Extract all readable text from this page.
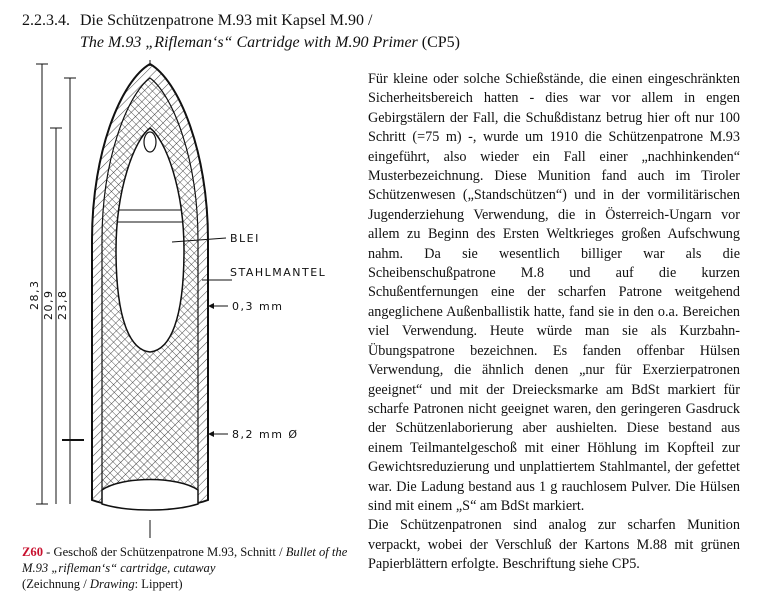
2.2.3.4. Die Schützenpatrone M.93 mit Kapsel M.90 /
The M.93 „Rifleman‘s“ Cartridge with M.90 Primer (CP5)
28,3 20,9 23,8
BLEI
STAHLMANTEL
0,3 mm
8,2 mm Ø

Für kleine oder solche Schießstände, die einen eingeschränkten Sicherheitsbereich hatten - dies war vor allem in engen Gebirgstälern der Fall, die Schußdistanz betrug hier oft nur 100 Schritt (=75 m) -, wurde um 1910 die Schützenpatrone M.93 eingeführt, also wieder ein Fall einer „nachhinkenden“ Musterbezeichnung. Diese Munition fand auch im Tiroler Schützenwesen („Standschützen“) und in der vormilitärischen Jugenderziehung Verwendung, die in Österreich-Ungarn vor allem zu Beginn des Ersten Weltkrieges großen Aufschwung nahm. Da sie wesentlich billiger war als die Scheibenschußpatrone M.8 und auf die kurzen Schußentfernungen eine der scharfen Patrone weitgehend angeglichene Außenballistik hatte, fand sie in den o.a. Bereichen viel Verwendung. Heute würde man sie als Kurzbahn-Übungspatrone bezeichnen. Es fanden offenbar Hülsen Verwendung, die ähnlich denen „nur für Exerzierpatronen geeignet“ und mit der Dreiecksmarke am BdSt markiert für scharfe Patronen nicht geeignet waren, den geringeren Gasdruck der Schützenlaborierung aber aushielten. Diese bestand aus einem Teilmantelgeschoß mit einer Höhlung im Kopfteil zur Gewichtsreduzierung und unplattiertem Stahlmantel, der gefettet war. Die Ladung bestand aus 1 g rauchlosem Pulver. Die Hülsen sind mit einem „S“ am BdSt markiert.

Die Schützenpatronen sind analog zur scharfen Munition verpackt, wobei der Verschluß der Kartons M.88 mit grünen Papierblättern erfolgte. Beschriftung siehe CP5.

Z60 - Geschoß der Schützenpatrone M.93, Schnitt / Bullet of the M.93 „rifleman‘s“ cartridge, cutaway
(Zeichnung / Drawing: Lippert)
